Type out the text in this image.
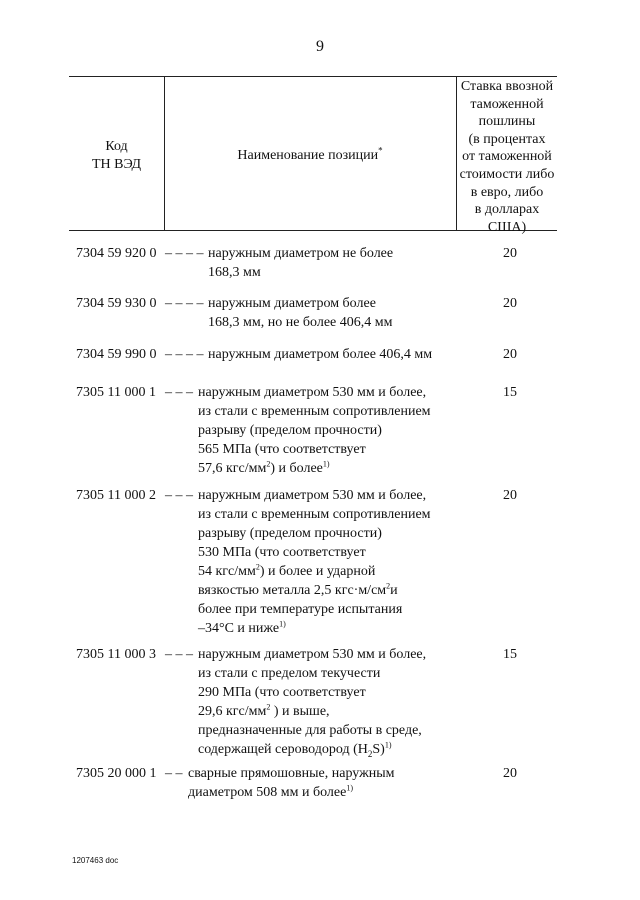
9
Код
ТН ВЭД
Наименование позиции*
Ставка ввозной
таможенной
пошлины
(в процентах
от таможенной
стоимости либо
в евро, либо
в долларах
США)
7304 59 920 0 – – – – наружным диаметром не более
168,3 мм
20
7304 59 930 0 – – – – наружным диаметром более
168,3 мм, но не более 406,4 мм
20
7304 59 990 0 – – – – наружным диаметром более 406,4 мм	20
7305 11 000 1 – – – наружным диаметром 530 мм и более,
из стали с временным сопротивлением
разрыву (пределом прочности)
565 МПа (что соответствует
57,6 кгс/$мм^2$) и более$^{1)}$
15
7305 11 000 2 – – – наружным диаметром 530 мм и более,
из стали с временным сопротивлением
разрыву (пределом прочности)
530 МПа (что соответствует
54 кгс/$мм^2$) и более и ударной
вязкостью металла 2,5 $кгс\cdot м/см^2и$
более при температуре испытания
–34°С и ниже$^{1)}$
20
7305 11 000 3 – – – наружным диаметром 530 мм и более,
из стали с пределом текучести
290 МПа (что соответствует
29,6 кгс/$мм^2$ ) и выше,
предназначенные для работы в среде,
содержащей сероводород $(H_2S)^{1)}$
15
7305 20 000 1 – – сварные прямошовные, наружным
диаметром 508 мм и более$^{1)}$
20
1207463 doc
